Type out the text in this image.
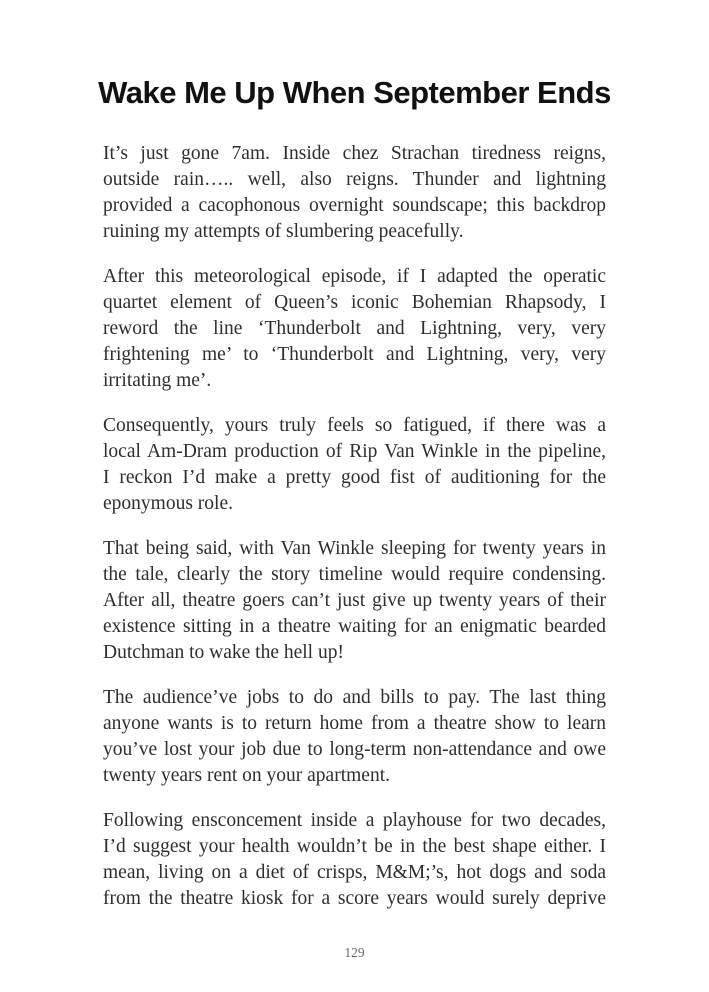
Wake Me Up When September Ends
It’s just gone 7am. Inside chez Strachan tiredness reigns,
outside rain….. well, also reigns. Thunder and lightning
provided a cacophonous overnight soundscape; this backdrop
ruining my attempts of slumbering peacefully.
After this meteorological episode, if I adapted the operatic
quartet element of Queen’s iconic Bohemian Rhapsody, I
reword the line ‘Thunderbolt and Lightning, very, very
frightening me’ to ‘Thunderbolt and Lightning, very, very
irritating me’.
Consequently, yours truly feels so fatigued, if there was a
local Am-Dram production of Rip Van Winkle in the pipeline,
I reckon I’d make a pretty good fist of auditioning for the
eponymous role.
That being said, with Van Winkle sleeping for twenty years in
the tale, clearly the story timeline would require condensing.
After all, theatre goers can’t just give up twenty years of their
existence sitting in a theatre waiting for an enigmatic bearded
Dutchman to wake the hell up!
The audience’ve jobs to do and bills to pay. The last thing
anyone wants is to return home from a theatre show to learn
you’ve lost your job due to long-term non-attendance and owe
twenty years rent on your apartment.
Following ensconcement inside a playhouse for two decades,
I’d suggest your health wouldn’t be in the best shape either. I
mean, living on a diet of crisps, M&M;’s, hot dogs and soda
from the theatre kiosk for a score years would surely deprive
129
